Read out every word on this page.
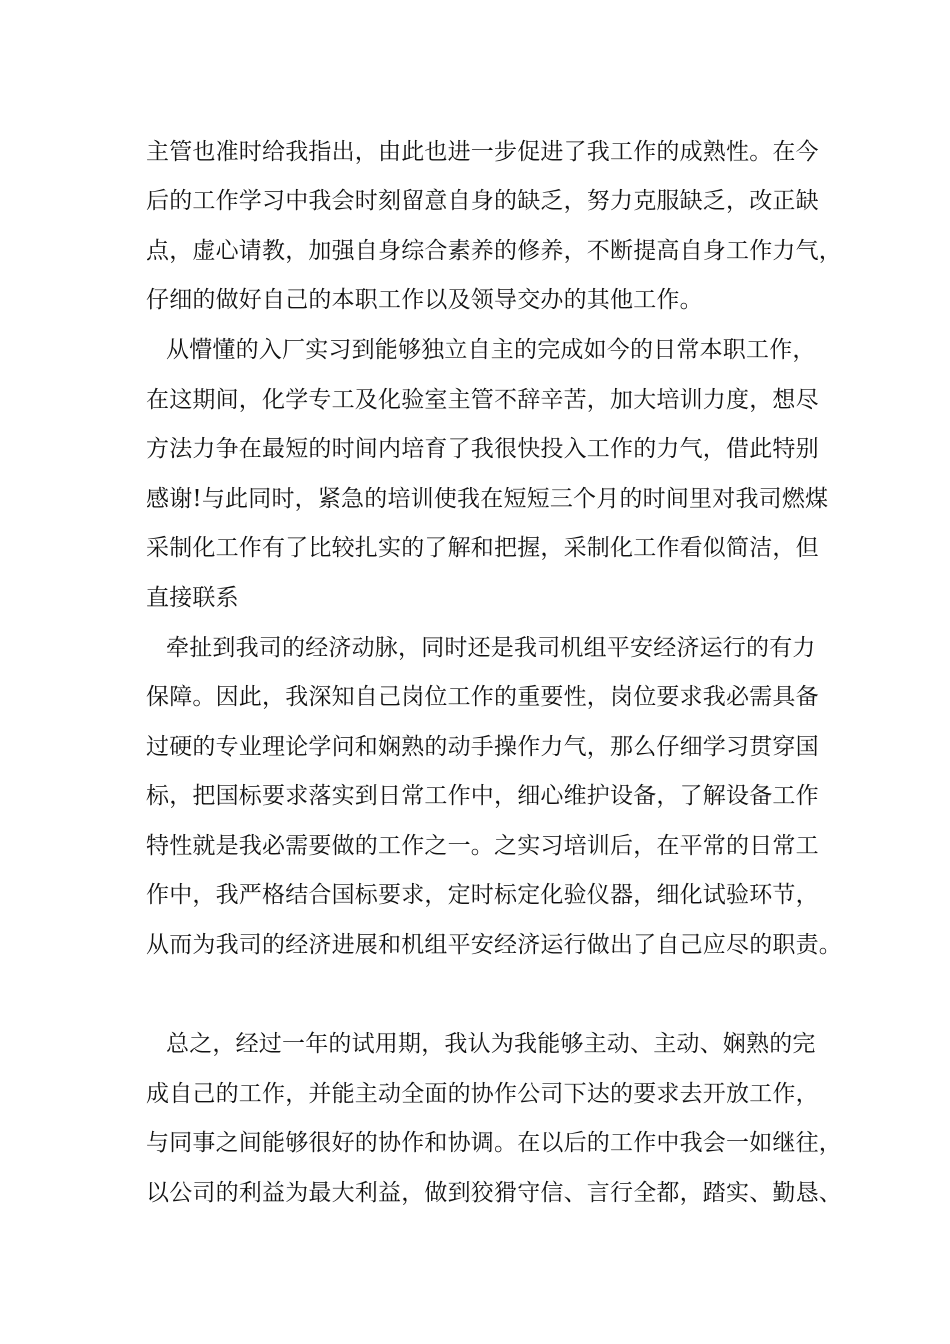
主管也准时给我指出，由此也进一步促进了我工作的成熟性。在今
后的工作学习中我会时刻留意自身的缺乏，努力克服缺乏，改正缺
点，虚心请教，加强自身综合素养的修养，不断提高自身工作力气，
仔细的做好自己的本职工作以及领导交办的其他工作。
从懵懂的入厂实习到能够独立自主的完成如今的日常本职工作，
在这期间，化学专工及化验室主管不辞辛苦，加大培训力度，想尽
方法力争在最短的时间内培育了我很快投入工作的力气，借此特别
感谢!与此同时，紧急的培训使我在短短三个月的时间里对我司燃煤
采制化工作有了比较扎实的了解和把握，采制化工作看似简洁，但
直接联系
牵扯到我司的经济动脉，同时还是我司机组平安经济运行的有力
保障。因此，我深知自己岗位工作的重要性，岗位要求我必需具备
过硬的专业理论学问和娴熟的动手操作力气，那么仔细学习贯穿国
标，把国标要求落实到日常工作中，细心维护设备，了解设备工作
特性就是我必需要做的工作之一。之实习培训后，在平常的日常工
作中，我严格结合国标要求，定时标定化验仪器，细化试验环节，
从而为我司的经济进展和机组平安经济运行做出了自己应尽的职责。
总之，经过一年的试用期，我认为我能够主动、主动、娴熟的完
成自己的工作，并能主动全面的协作公司下达的要求去开放工作，
与同事之间能够很好的协作和协调。在以后的工作中我会一如继往，
以公司的利益为最大利益，做到狡猾守信、言行全都，踏实、勤恳、
